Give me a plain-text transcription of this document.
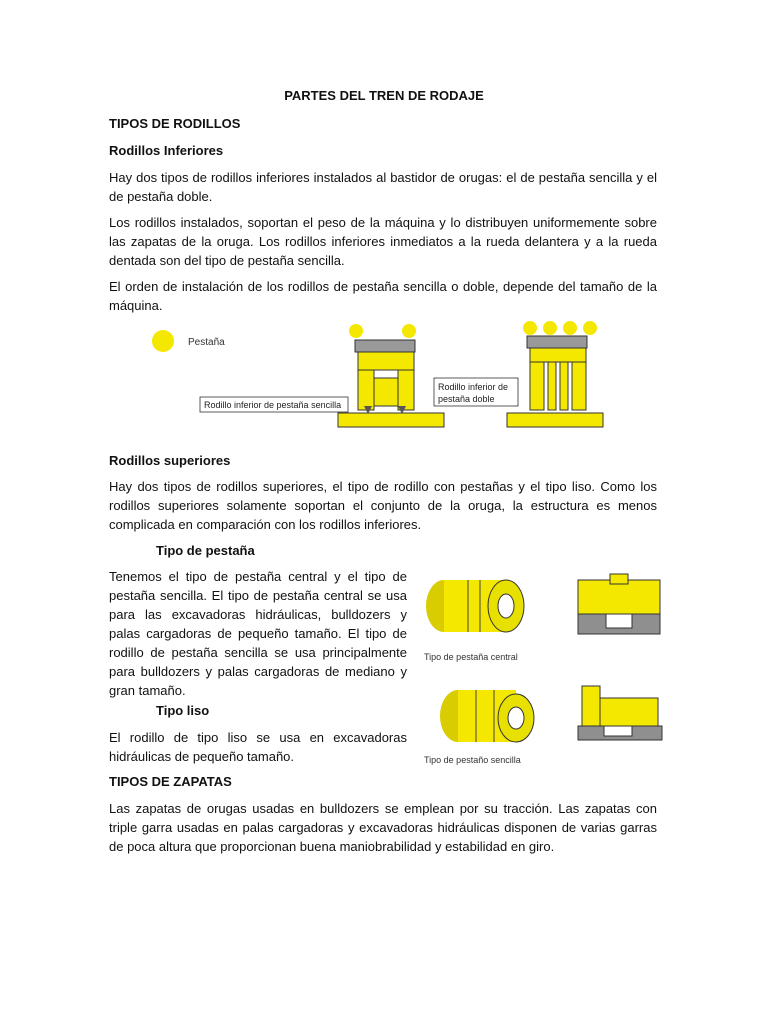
PARTES DEL TREN DE RODAJE
TIPOS DE RODILLOS
Rodillos Inferiores
Hay dos tipos de rodillos inferiores instalados al bastidor de orugas: el de pestaña sencilla y el de pestaña doble.
Los rodillos instalados, soportan el peso de la máquina y lo distribuyen uniformemente sobre las zapatas de la oruga. Los rodillos inferiores inmediatos a la rueda delantera y a la rueda dentada son del tipo de pestaña sencilla.
El orden de instalación de los rodillos de pestaña sencilla o doble, depende del tamaño de la máquina.
Pestaña
Rodillo inferior de pestaña sencilla
Rodillo inferior de
pestaña doble
Rodillos superiores
Hay dos tipos de rodillos superiores, el tipo de rodillo con pestañas y el tipo liso. Como los rodillos superiores solamente soportan el conjunto de la oruga, la estructura es menos complicada en comparación con los rodillos inferiores.
Tipo de pestaña
Tenemos el tipo de pestaña central y el tipo de pestaña sencilla. El tipo de pestaña central se usa para las excavadoras hidráulicas, bulldozers y palas cargadoras de pequeño tamaño. El tipo de rodillo de pestaña sencilla se usa principalmente para bulldozers y palas cargadoras de mediano y gran tamaño.
Tipo liso
El rodillo de tipo liso se usa en excavadoras hidráulicas de pequeño tamaño.
Tipo de pestaña central
Tipo de pestaño sencilla
TIPOS DE ZAPATAS
Las zapatas de orugas usadas en bulldozers se emplean por su tracción. Las zapatas con triple garra usadas en palas cargadoras y excavadoras hidráulicas disponen de varias garras de poca altura que proporcionan buena maniobrabilidad y estabilidad en giro.
